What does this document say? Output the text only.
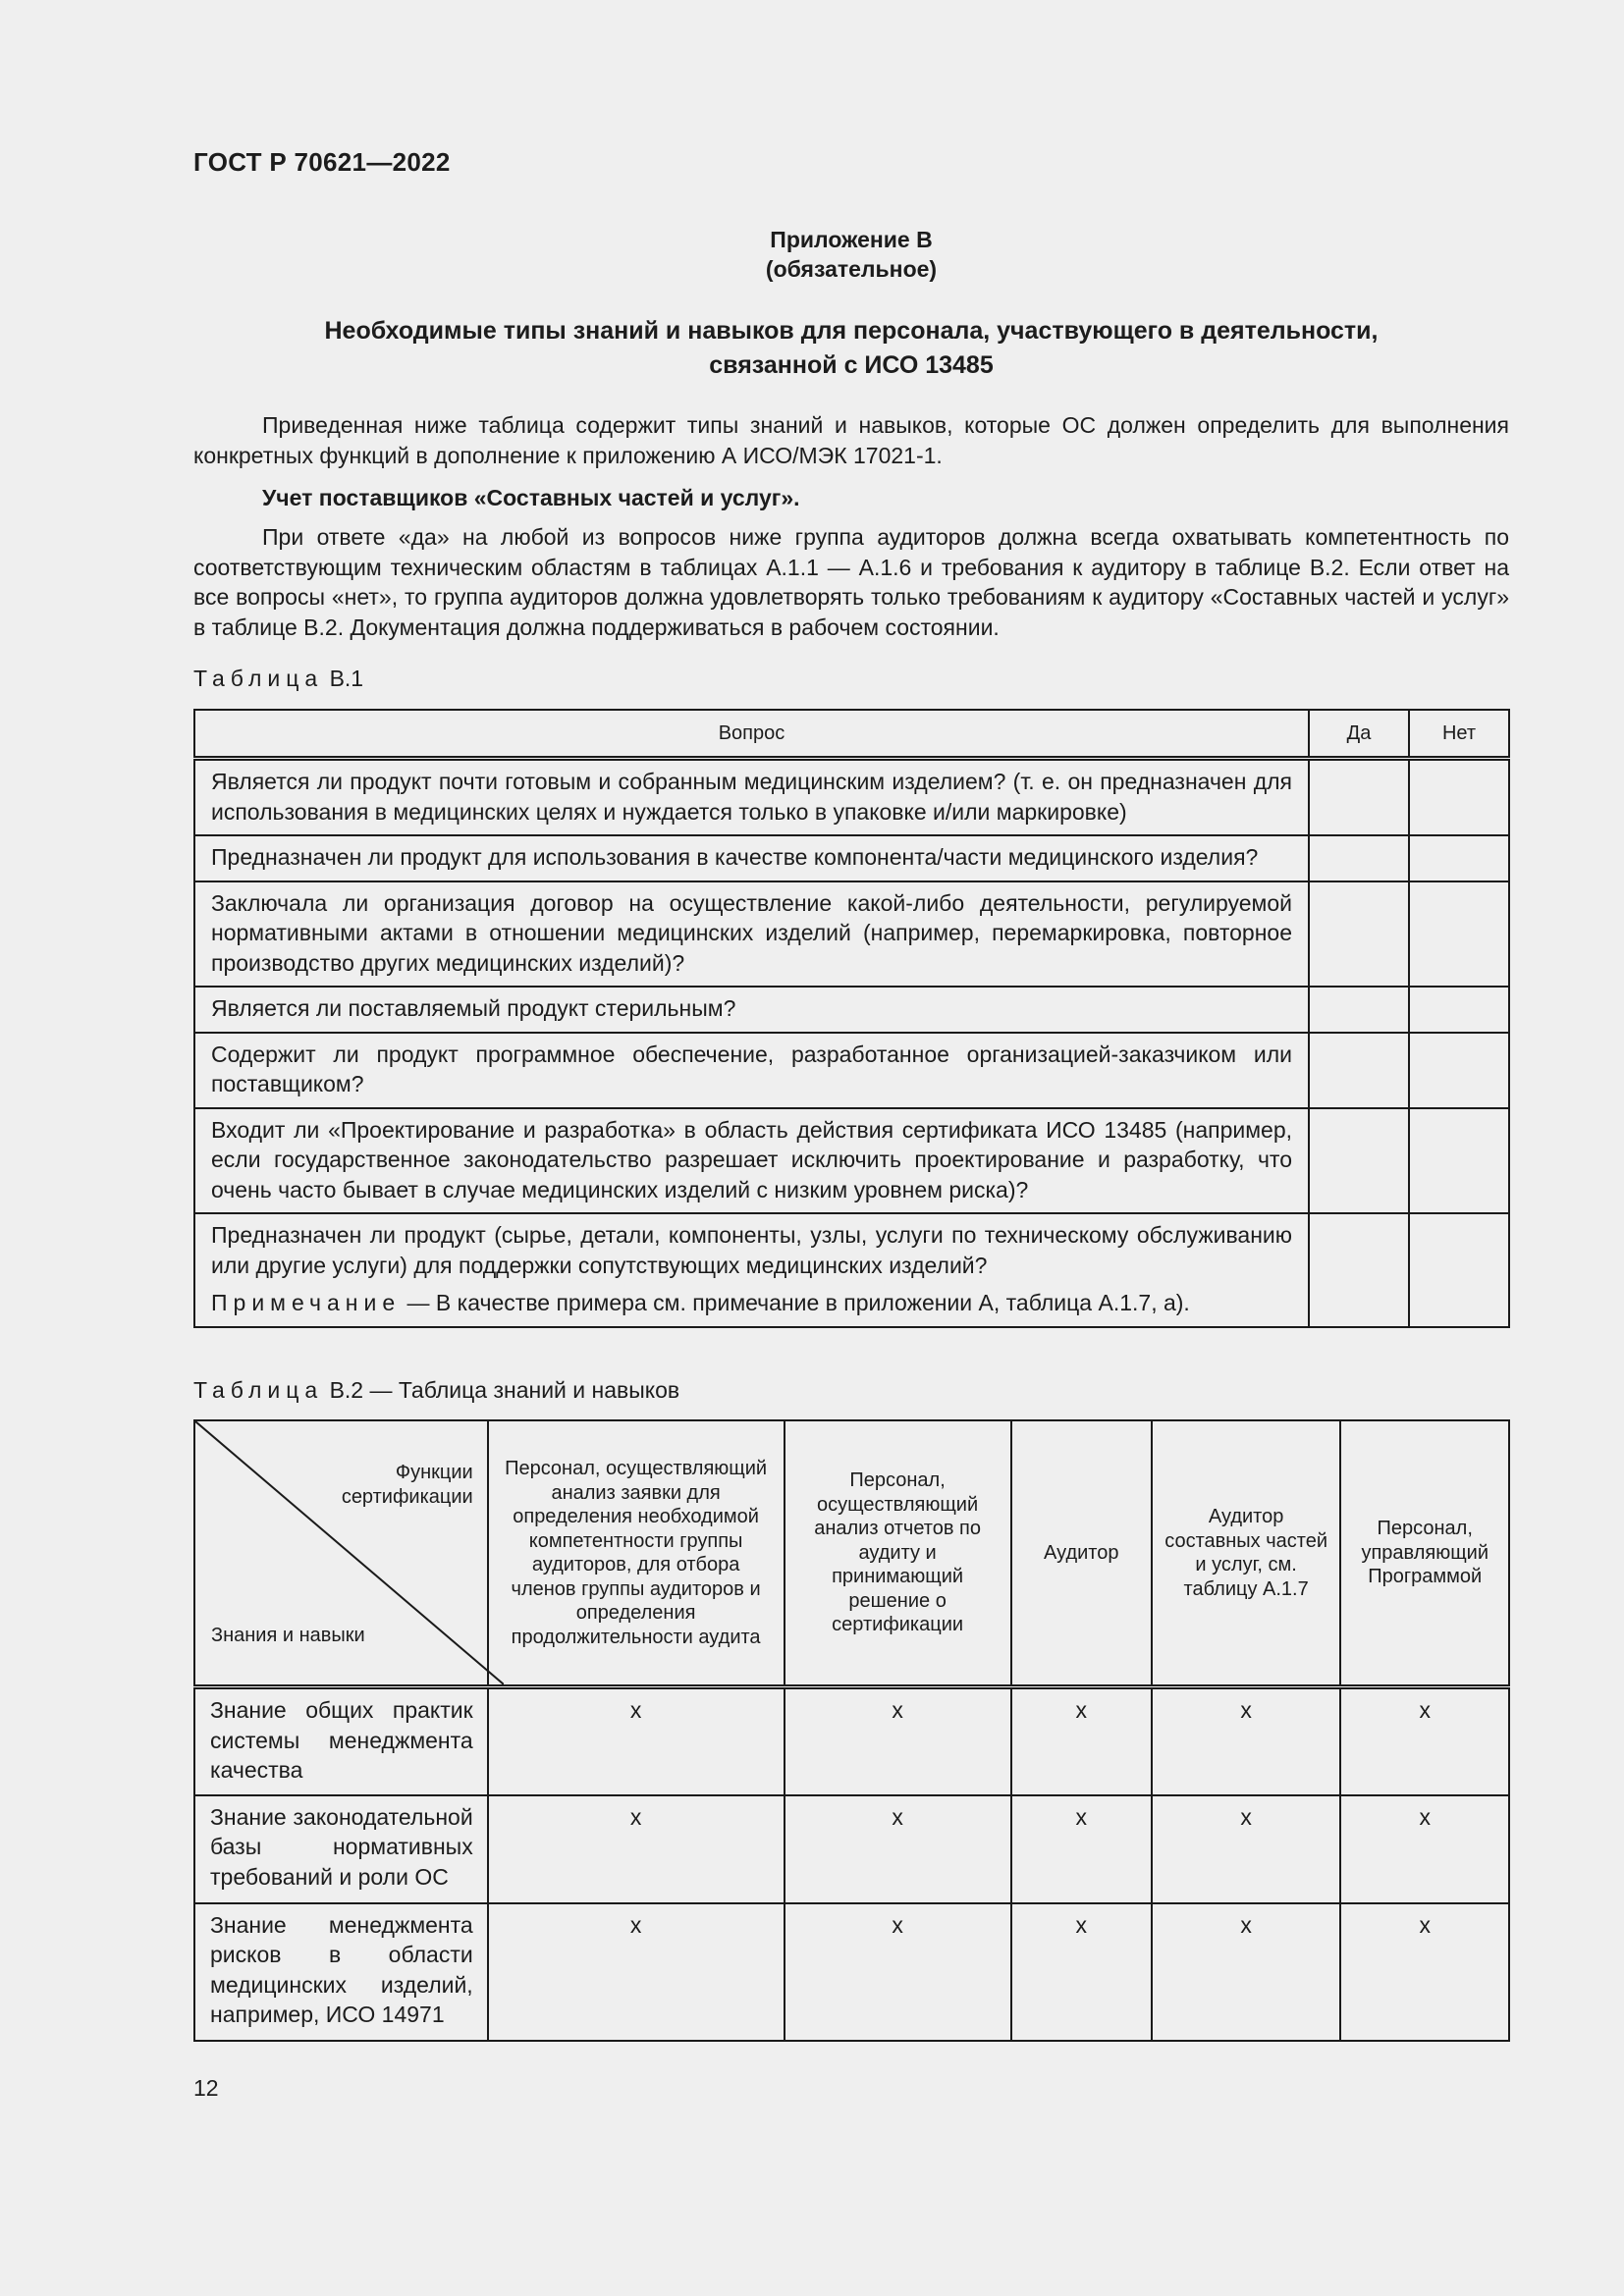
ГОСТ Р 70621—2022
Приложение В
(обязательное)
Необходимые типы знаний и навыков для персонала, участвующего в деятельности,
связанной с ИСО 13485
Приведенная ниже таблица содержит типы знаний и навыков, которые ОС должен определить для выполнения конкретных функций в дополнение к приложению А ИСО/МЭК 17021-1.
Учет поставщиков «Составных частей и услуг».
При ответе «да» на любой из вопросов ниже группа аудиторов должна всегда охватывать компетентность по соответствующим техническим областям в таблицах А.1.1 — А.1.6 и требования к аудитору в таблице В.2. Если ответ на все вопросы «нет», то группа аудиторов должна удовлетворять только требованиям к аудитору «Составных частей и услуг» в таблице В.2. Документация должна поддерживаться в рабочем состоянии.
Таблица В.1
Вопрос	Да	Нет
Является ли продукт почти готовым и собранным медицинским изделием? (т. е. он предназначен для использования в медицинских целях и нуждается только в упаковке и/или маркировке)		
Предназначен ли продукт для использования в качестве компонента/части медицинского изделия?		
Заключала ли организация договор на осуществление какой-либо деятельности, регулируемой нормативными актами в отношении медицинских изделий (например, перемаркировка, повторное производство других медицинских изделий)?		
Является ли поставляемый продукт стерильным?		
Содержит ли продукт программное обеспечение, разработанное организацией-заказчиком или поставщиком?		
Входит ли «Проектирование и разработка» в область действия сертификата ИСО 13485 (например, если государственное законодательство разрешает исключить проектирование и разработку, что очень часто бывает в случае медицинских изделий с низким уровнем риска)?		

Предназначен ли продукт (сырье, детали, компоненты, узлы, услуги по техническому обслуживанию или другие услуги) для поддержки сопутствующих медицинских изделий?
Примечание — В качестве примера см. примечание в приложении А, таблица А.1.7, а).		

Таблица В.2 — Таблица знаний и навыков
Функции сертификации
Знания и навыки	Персонал, осуществляющий анализ заявки для определения необходимой компетентности группы аудиторов, для отбора членов группы аудиторов и определения продолжительности аудита	Персонал, осуществляющий анализ отчетов по аудиту и принимающий решение о сертификации	Аудитор	Аудитор составных частей и услуг, см. таблицу А.1.7	Персонал, управляющий Программой
Знание общих практик системы менеджмента качества	х	х	х	х	х
Знание законодательной базы нормативных требований и роли ОС	х	х	х	х	х
Знание менеджмента рисков в области медицинских изделий, например, ИСО 14971	х	х	х	х	х
12
